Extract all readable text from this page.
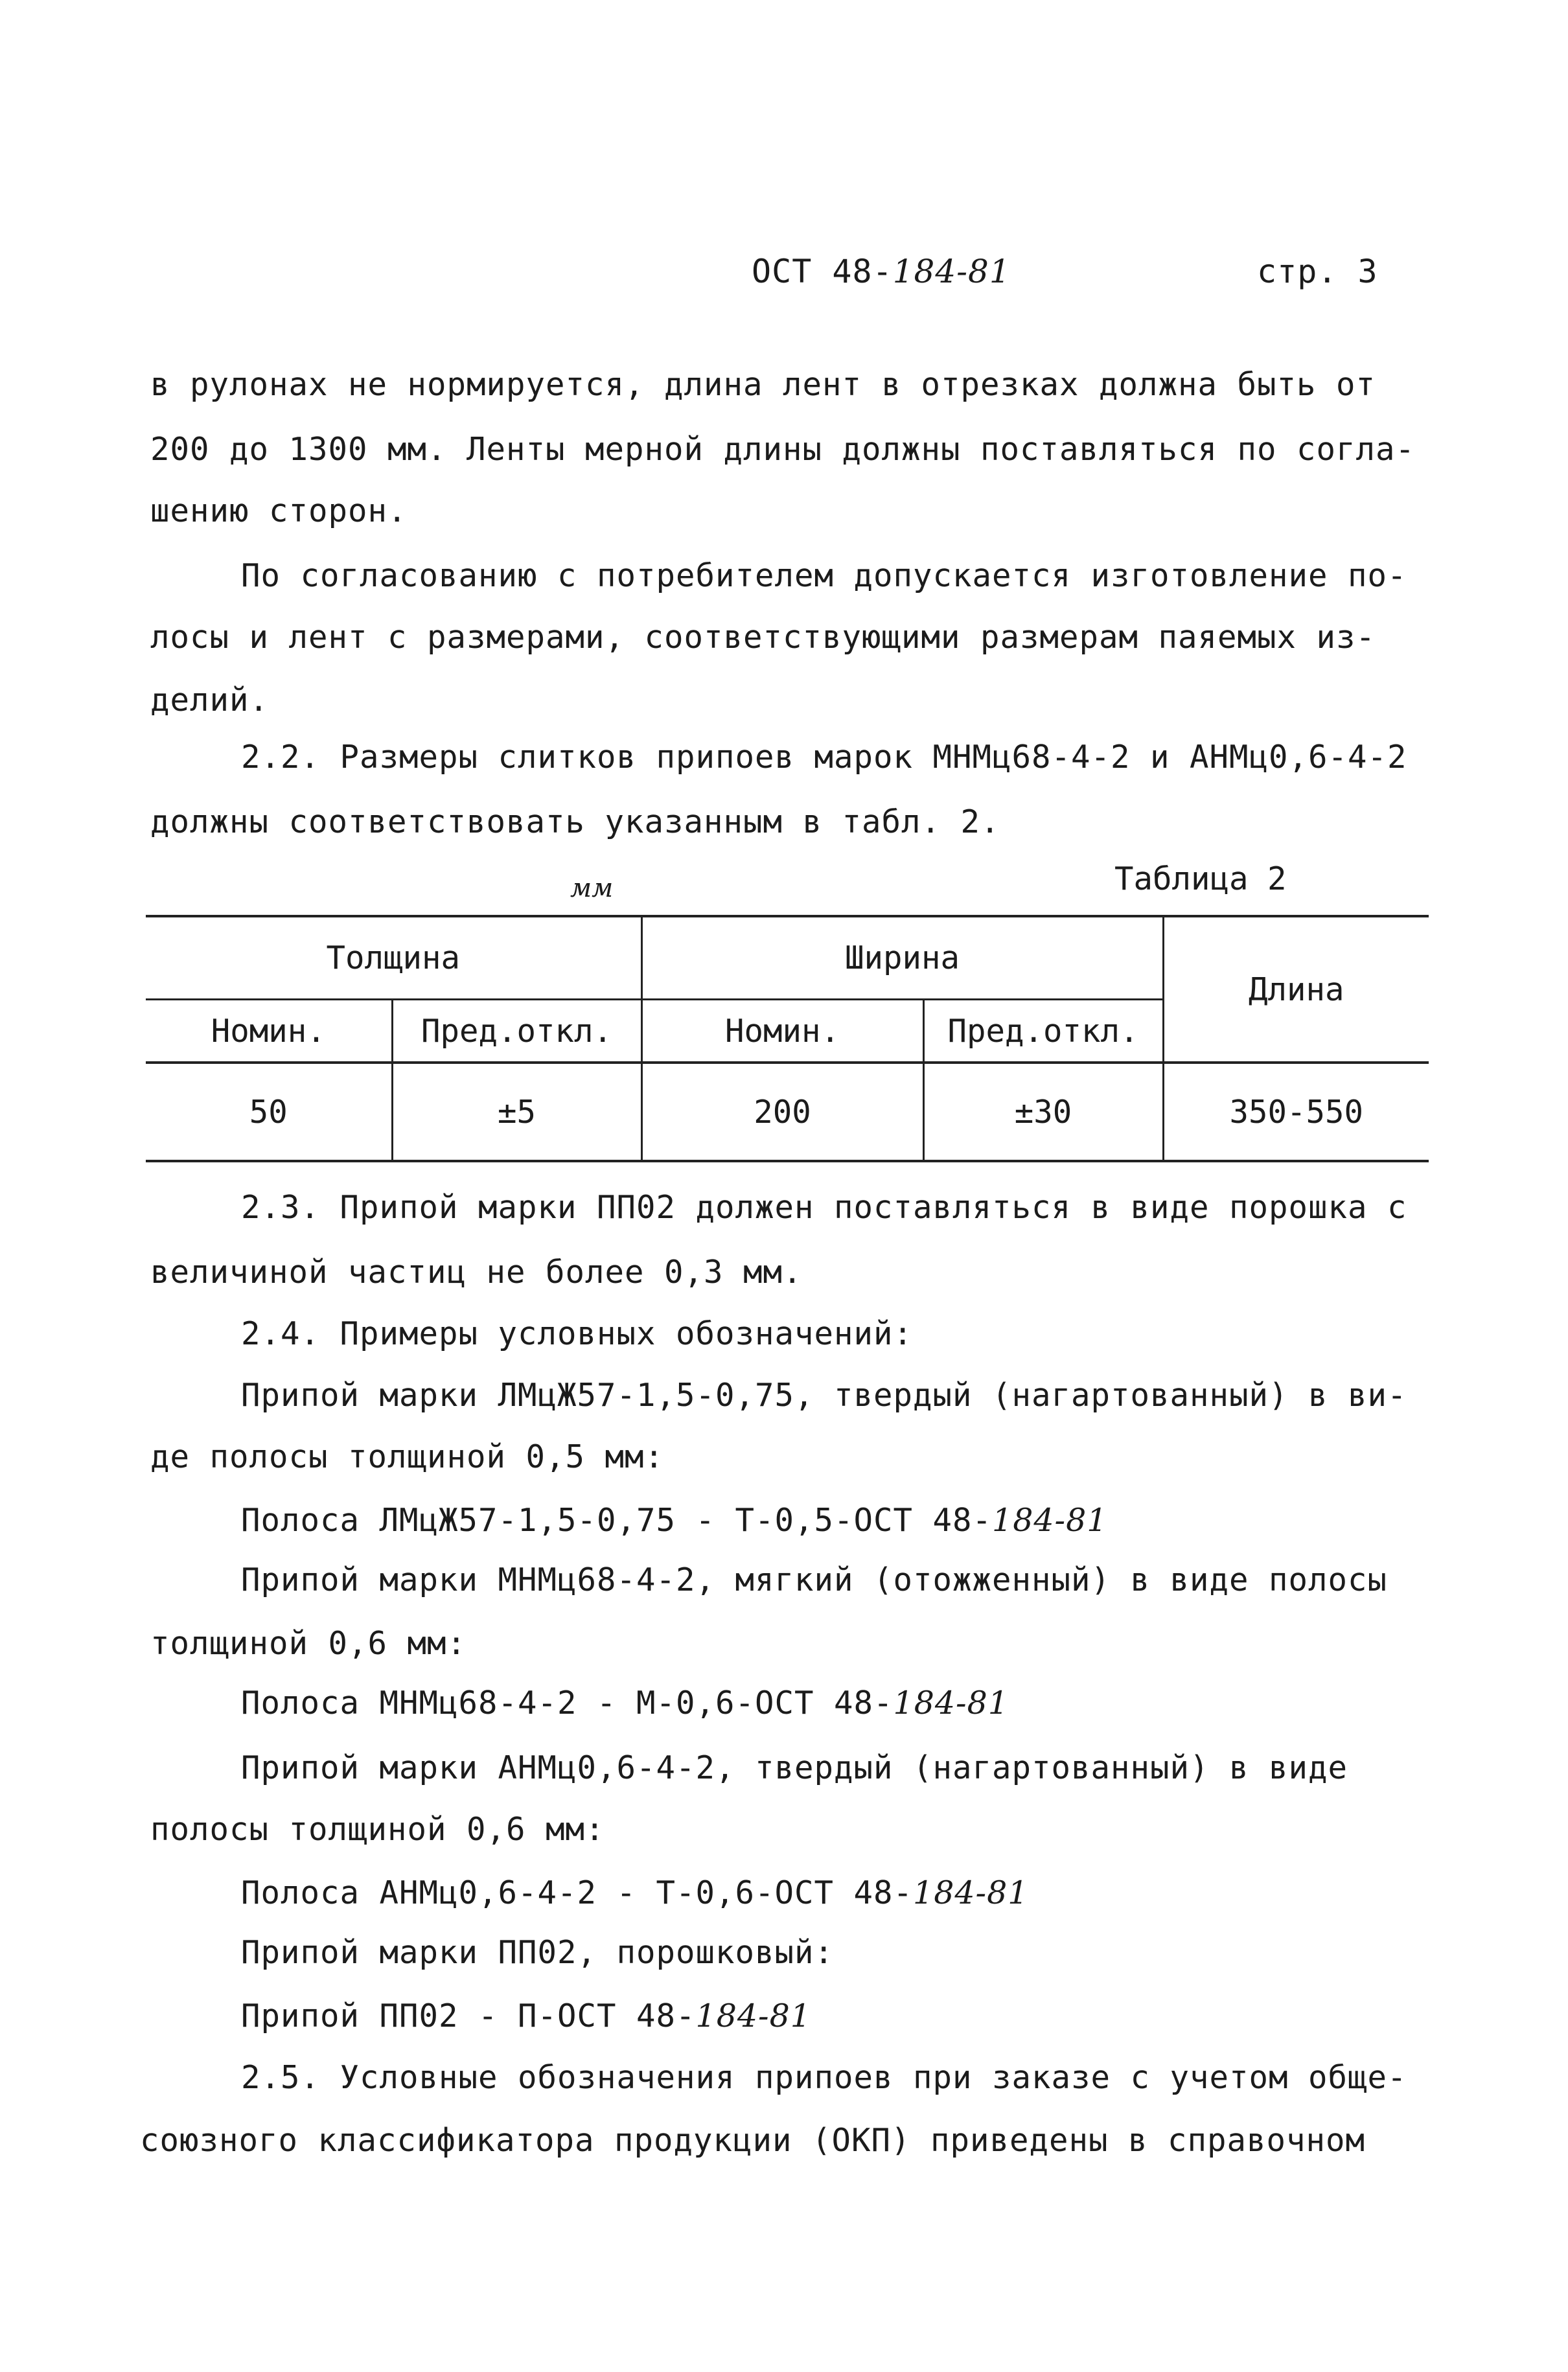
ОСТ 48-184-81	стр. 3
в рулонах не нормируется, длина лент в отрезках должна быть от
200 до 1300 мм. Ленты мерной длины должны поставляться по согла-
шению сторон.
По согласованию с потребителем допускается изготовление по-
лосы и лент с размерами, соответствующими размерам паяемых из-
делий.
2.2. Размеры слитков припоев марок МНМц68-4-2 и АНМц0,6-4-2
должны соответствовать указанным в табл. 2.
мм	Таблица 2
Толщина		Ширина		Длина
Номин.	Пред.откл.	Номин.	Пред.откл.	
50	±5	200	±30	350-550
2.3. Припой марки ПП02 должен поставляться в виде порошка с
величиной частиц не более 0,3 мм.
2.4. Примеры условных обозначений:
Припой марки ЛМцЖ57-1,5-0,75, твердый (нагартованный) в ви-
де полосы толщиной 0,5 мм:
Полоса ЛМцЖ57-1,5-0,75 - Т-0,5-ОСТ 48-184-81
Припой марки МНМц68-4-2, мягкий (отожженный) в виде полосы
толщиной 0,6 мм:
Полоса МНМц68-4-2 - М-0,6-ОСТ 48-184-81
Припой марки АНМц0,6-4-2, твердый (нагартованный) в виде
полосы толщиной 0,6 мм:
Полоса АНМц0,6-4-2 - Т-0,6-ОСТ 48-184-81
Припой марки ПП02, порошковый:
Припой ПП02 - П-ОСТ 48-184-81
2.5. Условные обозначения припоев при заказе с учетом обще-
союзного классификатора продукции (ОКП) приведены в справочном
